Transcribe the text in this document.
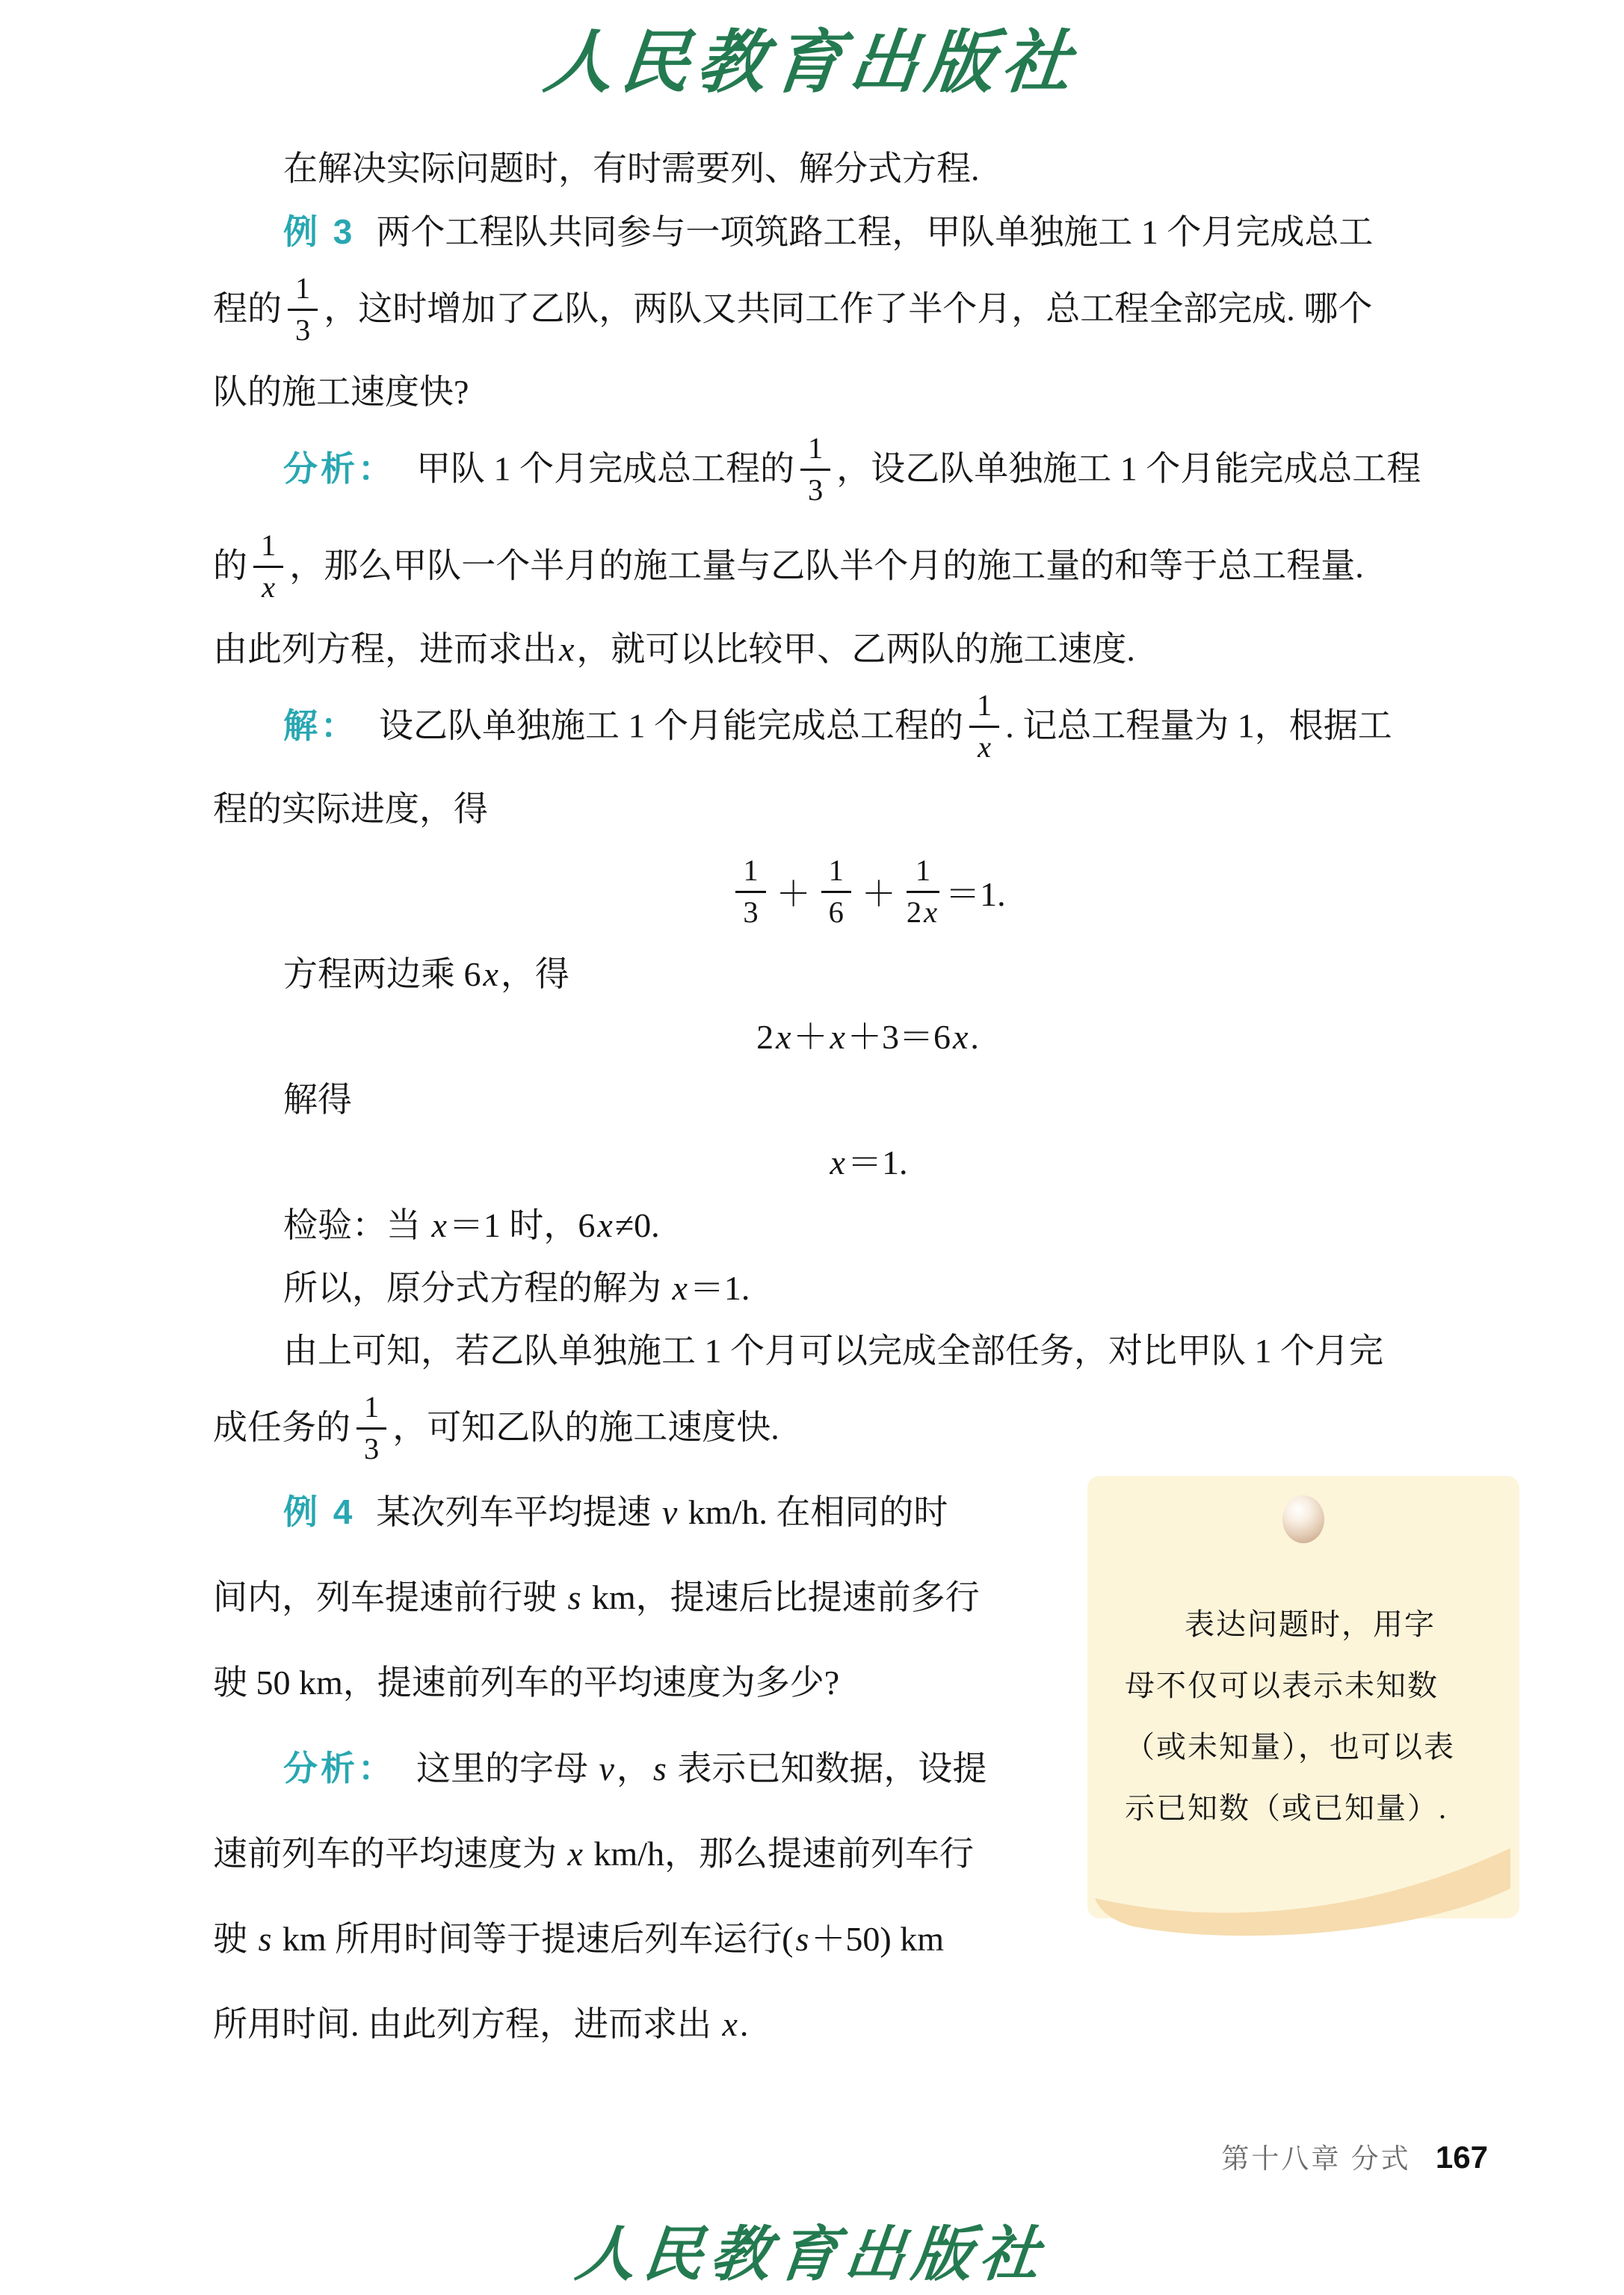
人民教育出版社
在解决实际问题时，有时需要列、解分式方程.
例 3 两个工程队共同参与一项筑路工程，甲队单独施工 1 个月完成总工
程的 $\frac{1}{3}$ ，这时增加了乙队，两队又共同工作了半个月，总工程全部完成. 哪个
队的施工速度快?
分析： 甲队 1 个月完成总工程的 $\frac{1}{3}$ ，设乙队单独施工 1 个月能完成总工程
的 $\frac{1}{x}$ ，那么甲队一个半月的施工量与乙队半个月的施工量的和等于总工程量.
由此列方程，进而求出x，就可以比较甲、乙两队的施工速度.
解： 设乙队单独施工 1 个月能完成总工程的 $\frac{1}{x}$ . 记总工程量为 1，根据工
程的实际进度，得
$\frac{1}{3} + \frac{1}{6} + \frac{1}{2x} =1$.
方程两边乘 6x，得
2x＋x＋3＝6x.
解得
x＝1.
检验：当 x＝1 时，6x≠0.
所以，原分式方程的解为 x＝1.
由上可知，若乙队单独施工 1 个月可以完成全部任务，对比甲队 1 个月完
成任务的 $\frac{1}{3}$ ，可知乙队的施工速度快.
例 4 某次列车平均提速 v km/h. 在相同的时
间内，列车提速前行驶 s km，提速后比提速前多行
驶 50 km，提速前列车的平均速度为多少?
分析： 这里的字母 v，s 表示已知数据，设提
速前列车的平均速度为 x km/h，那么提速前列车行
驶 s km 所用时间等于提速后列车运行(s＋50) km
所用时间. 由此列方程，进而求出 x.
表达问题时，用字
母不仅可以表示未知数
（或未知量），也可以表
示已知数（或已知量）.
第十八章 分式 167
人民教育出版社
